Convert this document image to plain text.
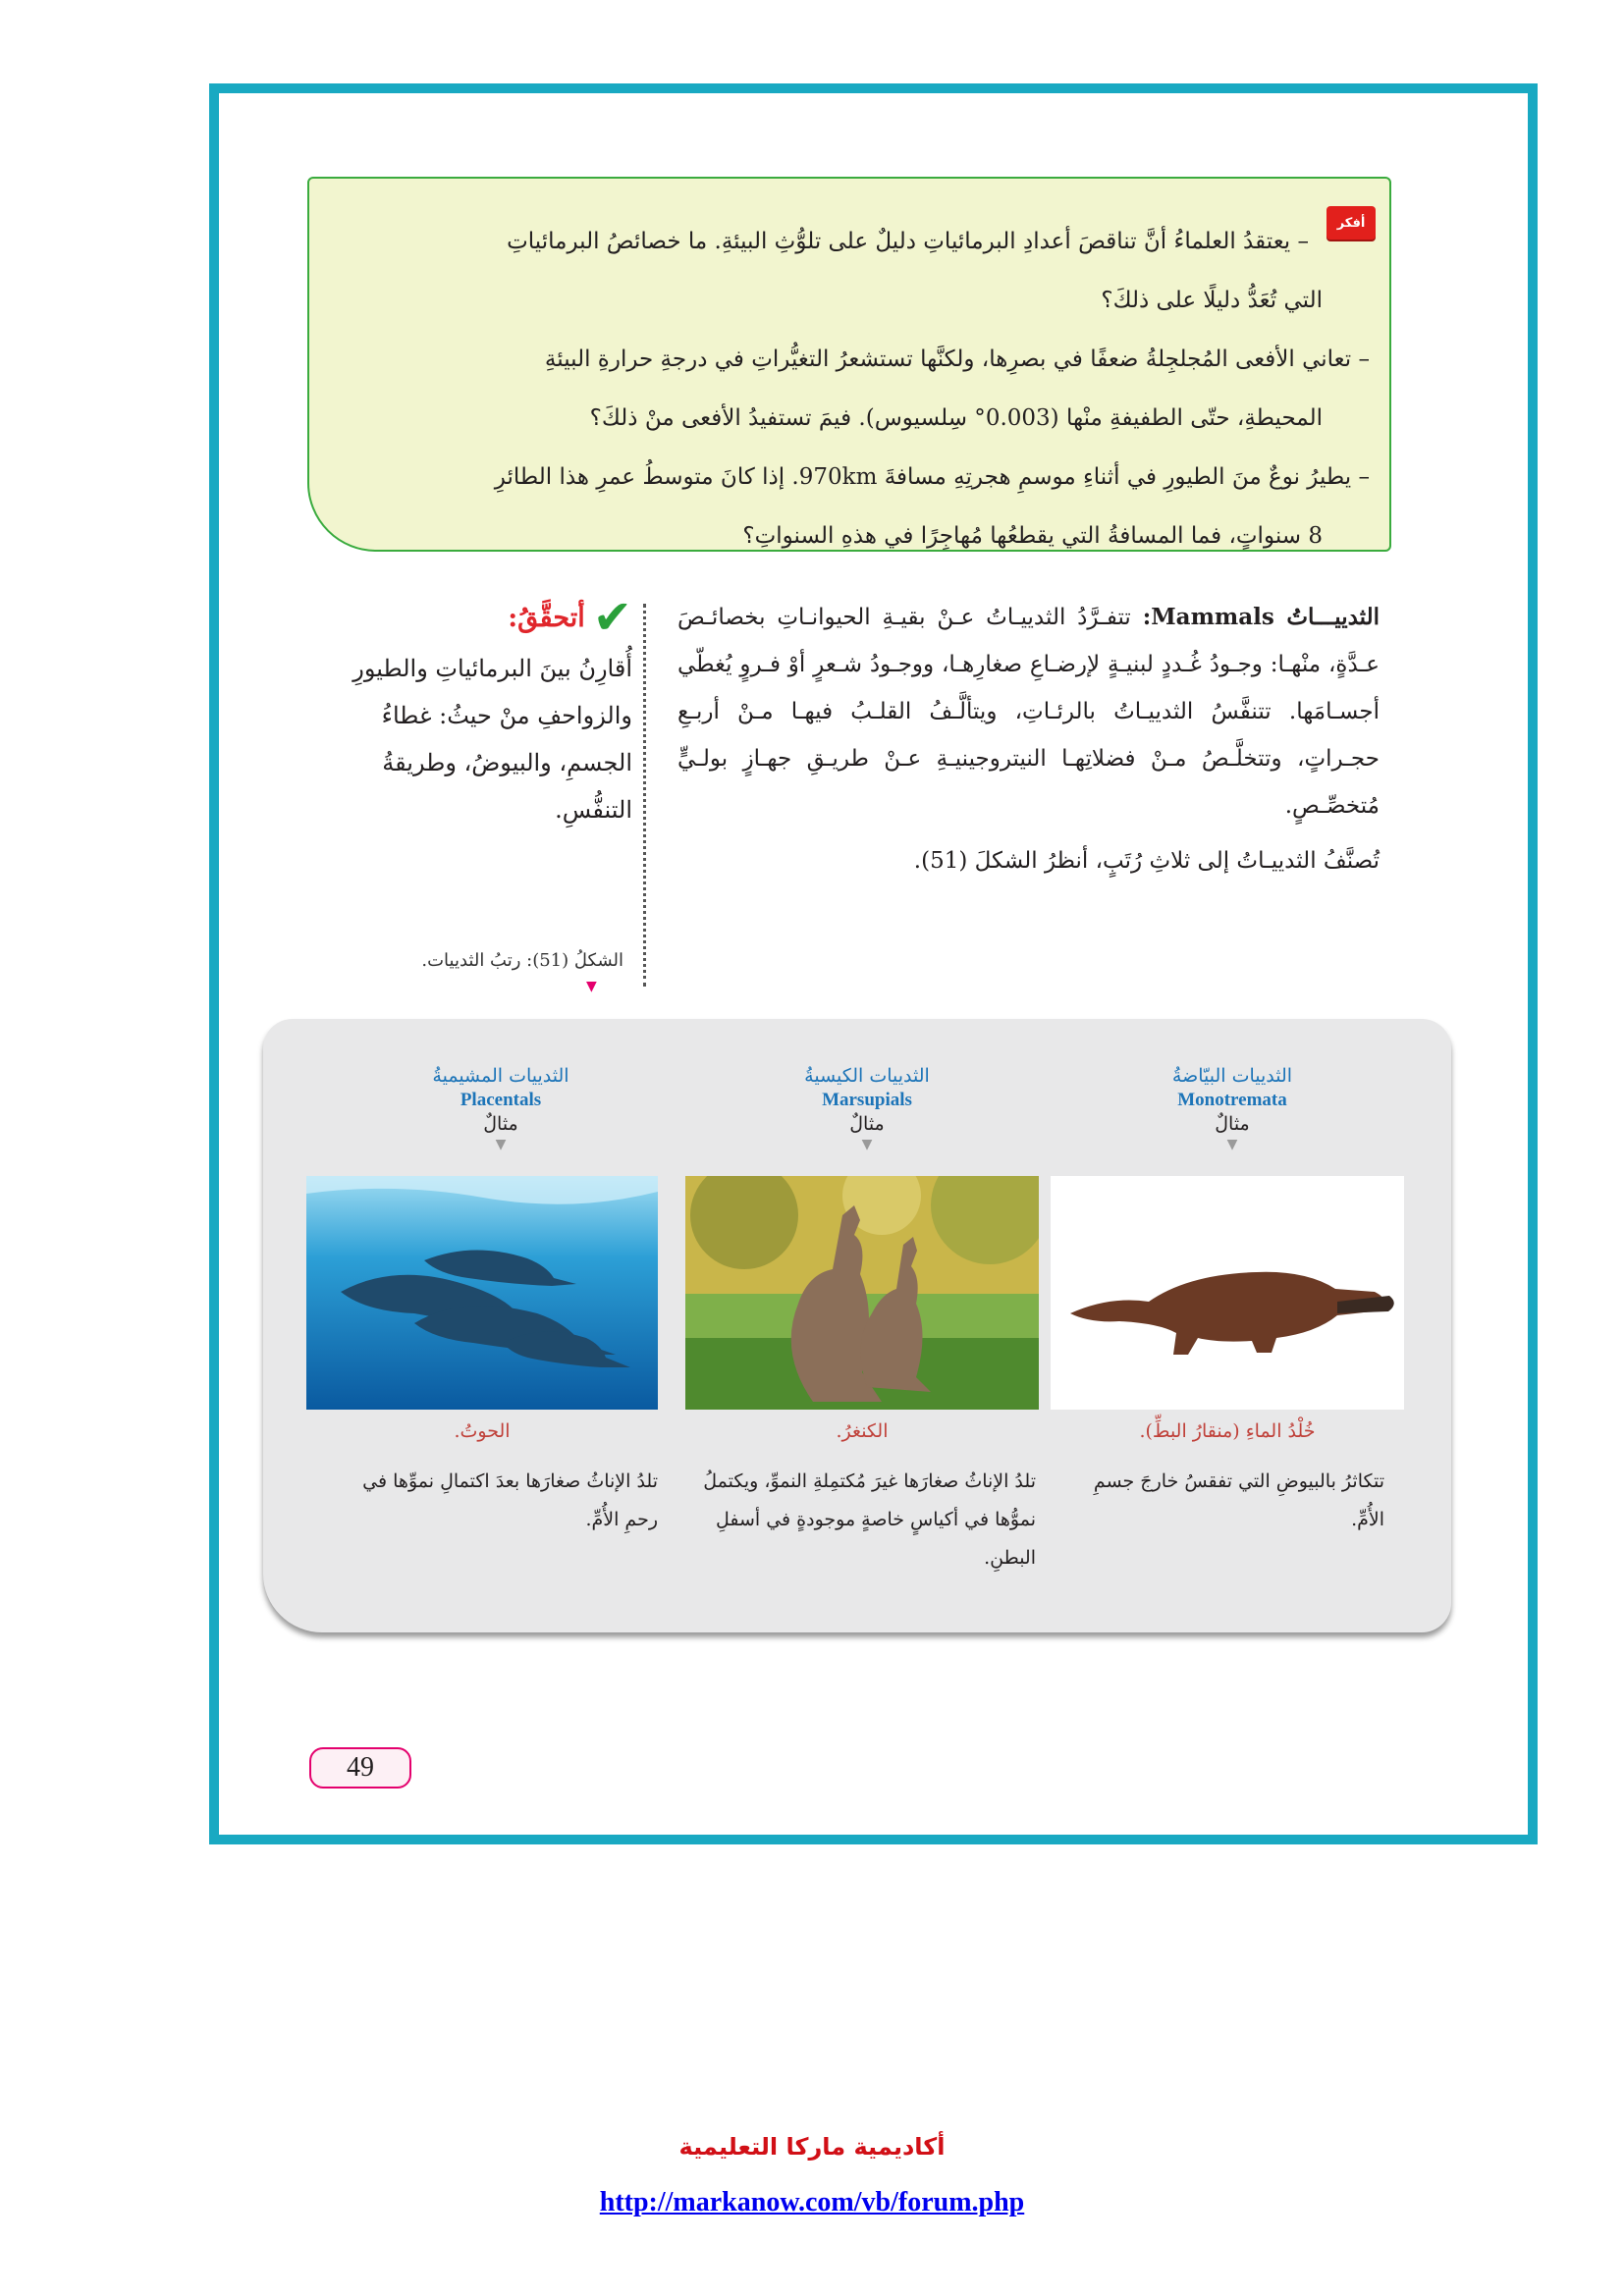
أفكر

– يعتقدُ العلماءُ أنَّ تناقصَ أعدادِ البرمائياتِ دليلٌ على تلوُّثِ البيئةِ. ما خصائصُ البرمائياتِ

التي تُعَدُّ دليلًا على ذلكَ؟

– تعاني الأفعى المُجلجِلةُ ضعفًا في بصرِها، ولكنَّها تستشعرُ التغيُّراتِ في درجةِ حرارةِ البيئةِ

المحيطةِ، حتّى الطفيفةِ منْها (0.003° سِلسيوس). فيمَ تستفيدُ الأفعى منْ ذلكَ؟

– يطيرُ نوعٌ منَ الطيورِ في أثناءِ موسمِ هجرتِهِ مسافةَ 970km. إذا كانَ متوسطُ عمرِ هذا الطائرِ

8 سنواتٍ، فما المسافةُ التي يقطعُها مُهاجِرًا في هذهِ السنواتِ؟

الثدييـــاتُ Mammals: تتفـرَّدُ الثدييـاتُ عـنْ بقيـةِ الحيوانـاتِ بخصائـصَ عـدَّةٍ، منْهـا: وجـودُ غُـددٍ لبنيـةٍ لإرضـاعِ صغارِهـا، ووجـودُ شـعرٍ أوْ فـروٍ يُغطّي أجسـامَها. تتنفَّسُ الثدييـاتُ بالرئـاتِ، ويتألَّـفُ القلـبُ فيهـا مـنْ أربـعِ حجـراتٍ، وتتخلَّـصُ مـنْ فضلاتِهـا النيتروجينيـةِ عـنْ طريـقِ جهـازٍ بولـيٍّ مُتخصِّـصٍ.

تُصنَّفُ الثدييـاتُ إلى ثلاثِ رُتَبٍ، أنظرُ الشكلَ (51).

✔
أتحقَّقُ:
أُقارِنُ بينَ البرمائياتِ والطيورِ والزواحفِ منْ حيثُ: غطاءُ الجسمِ، والبيوضُ، وطريقةُ التنفُّسِ.
الشكلُ (51): رتبُ الثدييات.
▼
الثدييات البيّاضةُ
Monotremata
مثالٌ
▼
الثدييات الكيسيةُ
Marsupials
مثالٌ
▼
الثدييات المشيميةُ
Placentals
مثالٌ
▼
خُلْدُ الماءِ (منقارُ البطِّ).
الكنغرُ.
الحوتُ.
تتكاثرُ بالبيوضِ التي تفقسُ خارجَ جسمِ الأُمِّ.
تلدُ الإناثُ صغارَها غيرَ مُكتمِلةِ النموِّ، ويكتملُ نموُّها في أكياسٍ خاصةٍ موجودةٍ في أسفلِ البطنِ.
تلدُ الإناثُ صغارَها بعدَ اكتمالِ نموِّها في رحمِ الأُمِّ.
49
أكاديمية ماركا التعليمية
http://markanow.com/vb/forum.php
